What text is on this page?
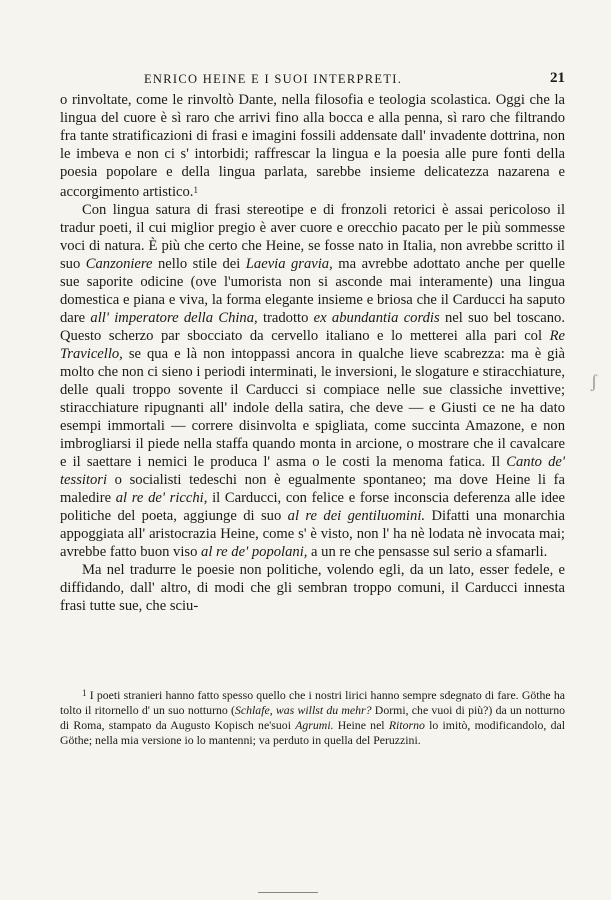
ENRICO HEINE E I SUOI INTERPRETI.	21

o rinvoltate, come le rinvoltò Dante, nella filosofia e teologia scolastica. Oggi che la lingua del cuore è sì raro che arrivi fino alla bocca e alla penna, sì raro che filtrando fra tante stratificazioni di frasi e imagini fossili addensate dall' invadente dottrina, non le imbeva e non ci s' intorbidi; raffrescar la lingua e la poesia alle pure fonti della poesia popolare e della lingua parlata, sarebbe insieme delicatezza nazarena e accorgimento artistico.$^1$

Con lingua satura di frasi stereotipe e di fronzoli retorici è assai pericoloso il tradur poeti, il cui miglior pregio è aver cuore e orecchio pacato per le più sommesse voci di natura. È più che certo che Heine, se fosse nato in Italia, non avrebbe scritto il suo Canzoniere nello stile dei Laevia gravia, ma avrebbe adottato anche per quelle sue saporite odicine (ove l'umorista non si asconde mai interamente) una lingua domestica e piana e viva, la forma elegante insieme e briosa che il Carducci ha saputo dare all' imperatore della China, tradotto ex abundantia cordis nel suo bel toscano. Questo scherzo par sbocciato da cervello italiano e lo metterei alla pari col Re Travicello, se qua e là non intoppassi ancora in qualche lieve scabrezza: ma è già molto che non ci sieno i periodi interminati, le inversioni, le slogature e stiracchiature, delle quali troppo sovente il Carducci si compiace nelle sue classiche invettive; stiracchiature ripugnanti all' indole della satira, che deve — e Giusti ce ne ha dato esempi immortali — correre disinvolta e spigliata, come succinta Amazone, e non imbrogliarsi il piede nella staffa quando monta in arcione, o mostrare che il cavalcare e il saettare i nemici le produca l' asma o le costi la menoma fatica. Il Canto de' tessitori o socialisti tedeschi non è egualmente spontaneo; ma dove Heine li fa maledire al re de' ricchi, il Carducci, con felice e forse inconscia deferenza alle idee politiche del poeta, aggiunge di suo al re dei gentiluomini. Difatti una monarchia appoggiata all' aristocrazia Heine, come s' è visto, non l' ha nè lodata nè invocata mai; avrebbe fatto buon viso al re de' popolani, a un re che pensasse sul serio a sfamarli.

Ma nel tradurre le poesie non politiche, volendo egli, da un lato, esser fedele, e diffidando, dall' altro, di modi che gli sembran troppo comuni, il Carducci innesta frasi tutte sue, che sciu-

$^1$ I poeti stranieri hanno fatto spesso quello che i nostri lirici hanno sempre sdegnato di fare. Göthe ha tolto il ritornello d' un suo notturno (Schlafe, was willst du mehr? Dormi, che vuoi di più?) da un notturno di Roma, stampato da Augusto Kopisch ne'suoi Agrumi. Heine nel Ritorno lo imitò, modificandolo, dal Göthe; nella mia versione io lo mantenni; va perduto in quella del Peruzzini.

ʃ
